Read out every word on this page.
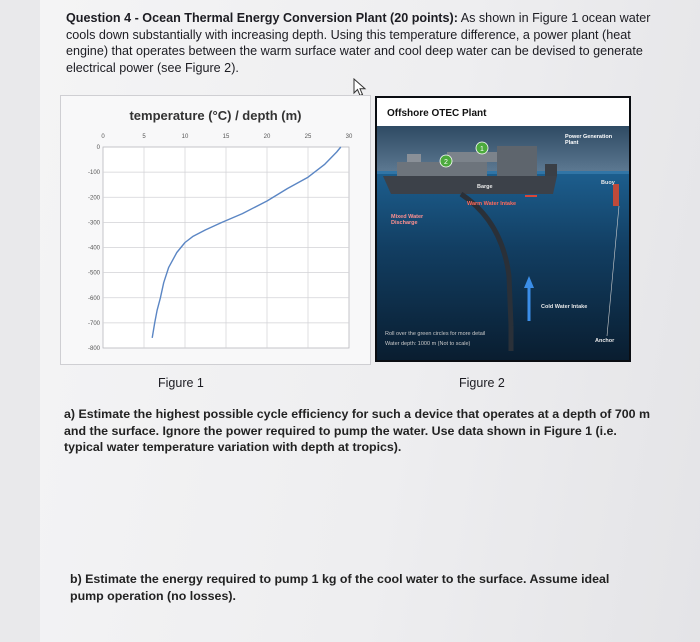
Question 4 - Ocean Thermal Energy Conversion Plant (20 points): As shown in Figure 1 ocean water cools down substantially with increasing depth. Using this temperature difference, a power plant (heat engine) that operates between the warm surface water and cool deep water can be devised to generate electrical power (see Figure 2).
temperature (°C) / depth (m)
0	5	10	15	20	25	30
0
-100
-200
-300
-400
-500
-600
-700
-800
Figure 1
Offshore OTEC Plant
2
1
Power Generation Plant
Barge
Buoy
Warm Water Intake
Mixed Water Discharge
Cold Water Intake
Anchor
Roll over the green circles for more detail
Water depth: 1000 m (Not to scale)
Figure 2
a) Estimate the highest possible cycle efficiency for such a device that operates at a depth of 700 m and the surface. Ignore the power required to pump the water. Use data shown in Figure 1 (i.e. typical water temperature variation with depth at tropics).
b) Estimate the energy required to pump 1 kg of the cool water to the surface. Assume ideal pump operation (no losses).
